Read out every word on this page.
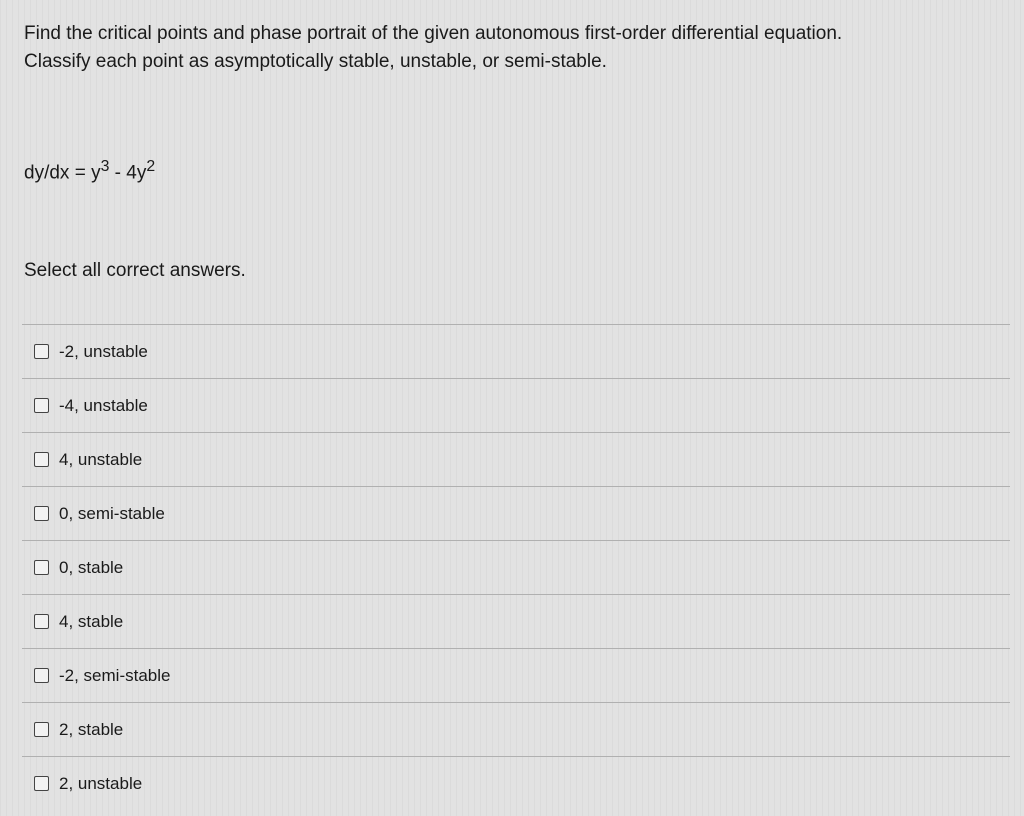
Find the critical points and phase portrait of the given autonomous first-order differential equation.
Classify each point as asymptotically stable, unstable, or semi-stable.
$dy/dx = y^3 - 4y^2$
Select all correct answers.
-2, unstable
-4, unstable
4, unstable
0, semi-stable
0, stable
4, stable
-2, semi-stable
2, stable
2, unstable
